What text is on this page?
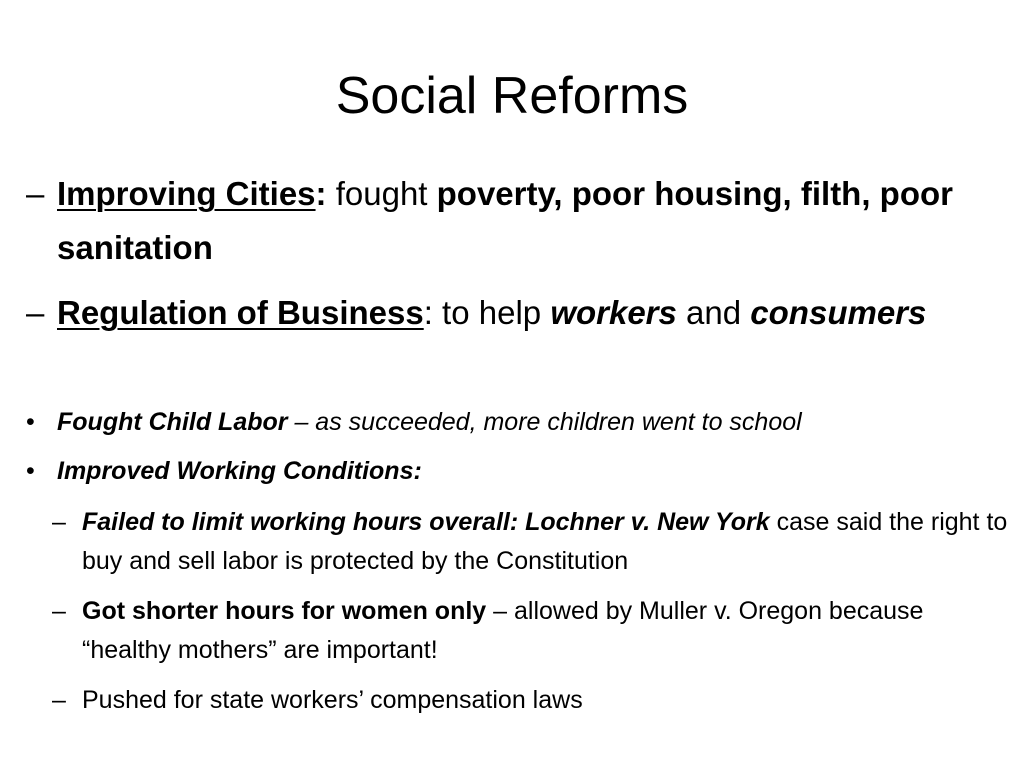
Social Reforms

– Improving Cities: fought poverty, poor housing, filth, poor sanitation

– Regulation of Business: to help workers and consumers

• Fought Child Labor – as succeeded, more children went to school

• Improved Working Conditions:

– Failed to limit working hours overall: Lochner v. New York case said the right to buy and sell labor is protected by the Constitution

– Got shorter hours for women only – allowed by Muller v. Oregon because “healthy mothers” are important!

– Pushed for state workers’ compensation laws
